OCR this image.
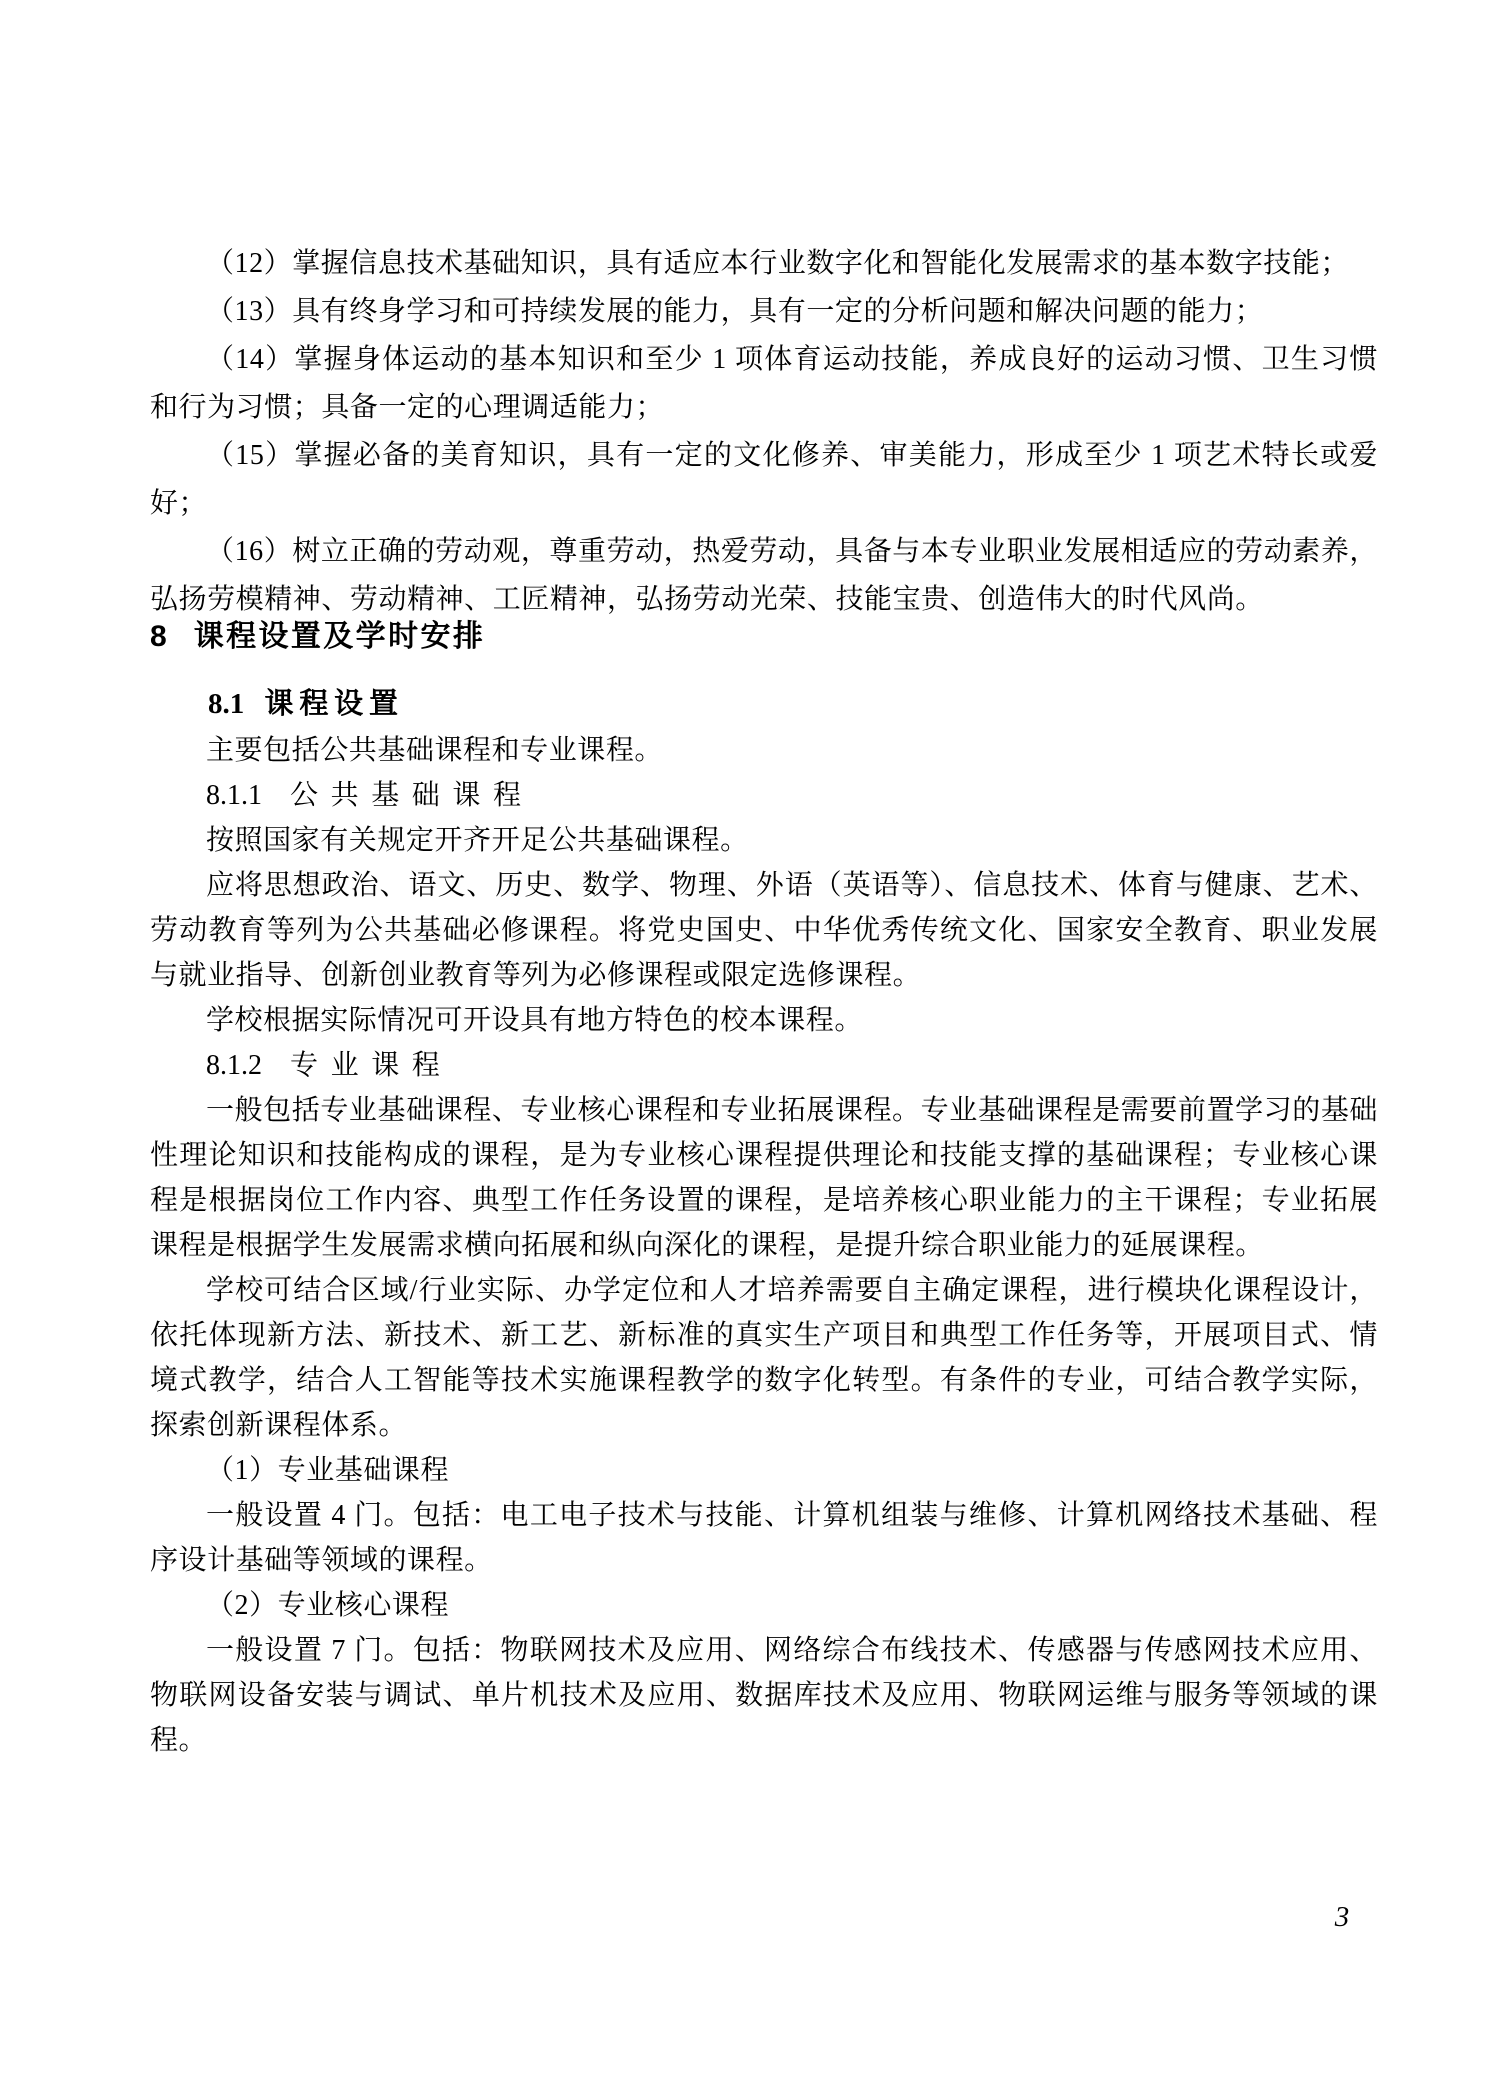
（12）掌握信息技术基础知识，具有适应本行业数字化和智能化发展需求的基本数字技能；

（13）具有终身学习和可持续发展的能力，具有一定的分析问题和解决问题的能力；

（14）掌握身体运动的基本知识和至少 1 项体育运动技能，养成良好的运动习惯、卫生习惯和行为习惯；具备一定的心理调适能力；

（15）掌握必备的美育知识，具有一定的文化修养、审美能力，形成至少 1 项艺术特长或爱好；

（16）树立正确的劳动观，尊重劳动，热爱劳动，具备与本专业职业发展相适应的劳动素养，弘扬劳模精神、劳动精神、工匠精神，弘扬劳动光荣、技能宝贵、创造伟大的时代风尚。

8 课程设置及学时安排
8.1 课程设置

主要包括公共基础课程和专业课程。

8.1.1 公共基础课程

按照国家有关规定开齐开足公共基础课程。

应将思想政治、语文、历史、数学、物理、外语（英语等）、信息技术、体育与健康、艺术、劳动教育等列为公共基础必修课程。将党史国史、中华优秀传统文化、国家安全教育、职业发展与就业指导、创新创业教育等列为必修课程或限定选修课程。

学校根据实际情况可开设具有地方特色的校本课程。

8.1.2 专业课程

一般包括专业基础课程、专业核心课程和专业拓展课程。专业基础课程是需要前置学习的基础性理论知识和技能构成的课程，是为专业核心课程提供理论和技能支撑的基础课程；专业核心课程是根据岗位工作内容、典型工作任务设置的课程，是培养核心职业能力的主干课程；专业拓展课程是根据学生发展需求横向拓展和纵向深化的课程，是提升综合职业能力的延展课程。

学校可结合区域/行业实际、办学定位和人才培养需要自主确定课程，进行模块化课程设计，依托体现新方法、新技术、新工艺、新标准的真实生产项目和典型工作任务等，开展项目式、情境式教学，结合人工智能等技术实施课程教学的数字化转型。有条件的专业，可结合教学实际，探索创新课程体系。

（1）专业基础课程

一般设置 4 门。包括：电工电子技术与技能、计算机组装与维修、计算机网络技术基础、程序设计基础等领域的课程。

（2）专业核心课程

一般设置 7 门。包括：物联网技术及应用、网络综合布线技术、传感器与传感网技术应用、物联网设备安装与调试、单片机技术及应用、数据库技术及应用、物联网运维与服务等领域的课程。

3
